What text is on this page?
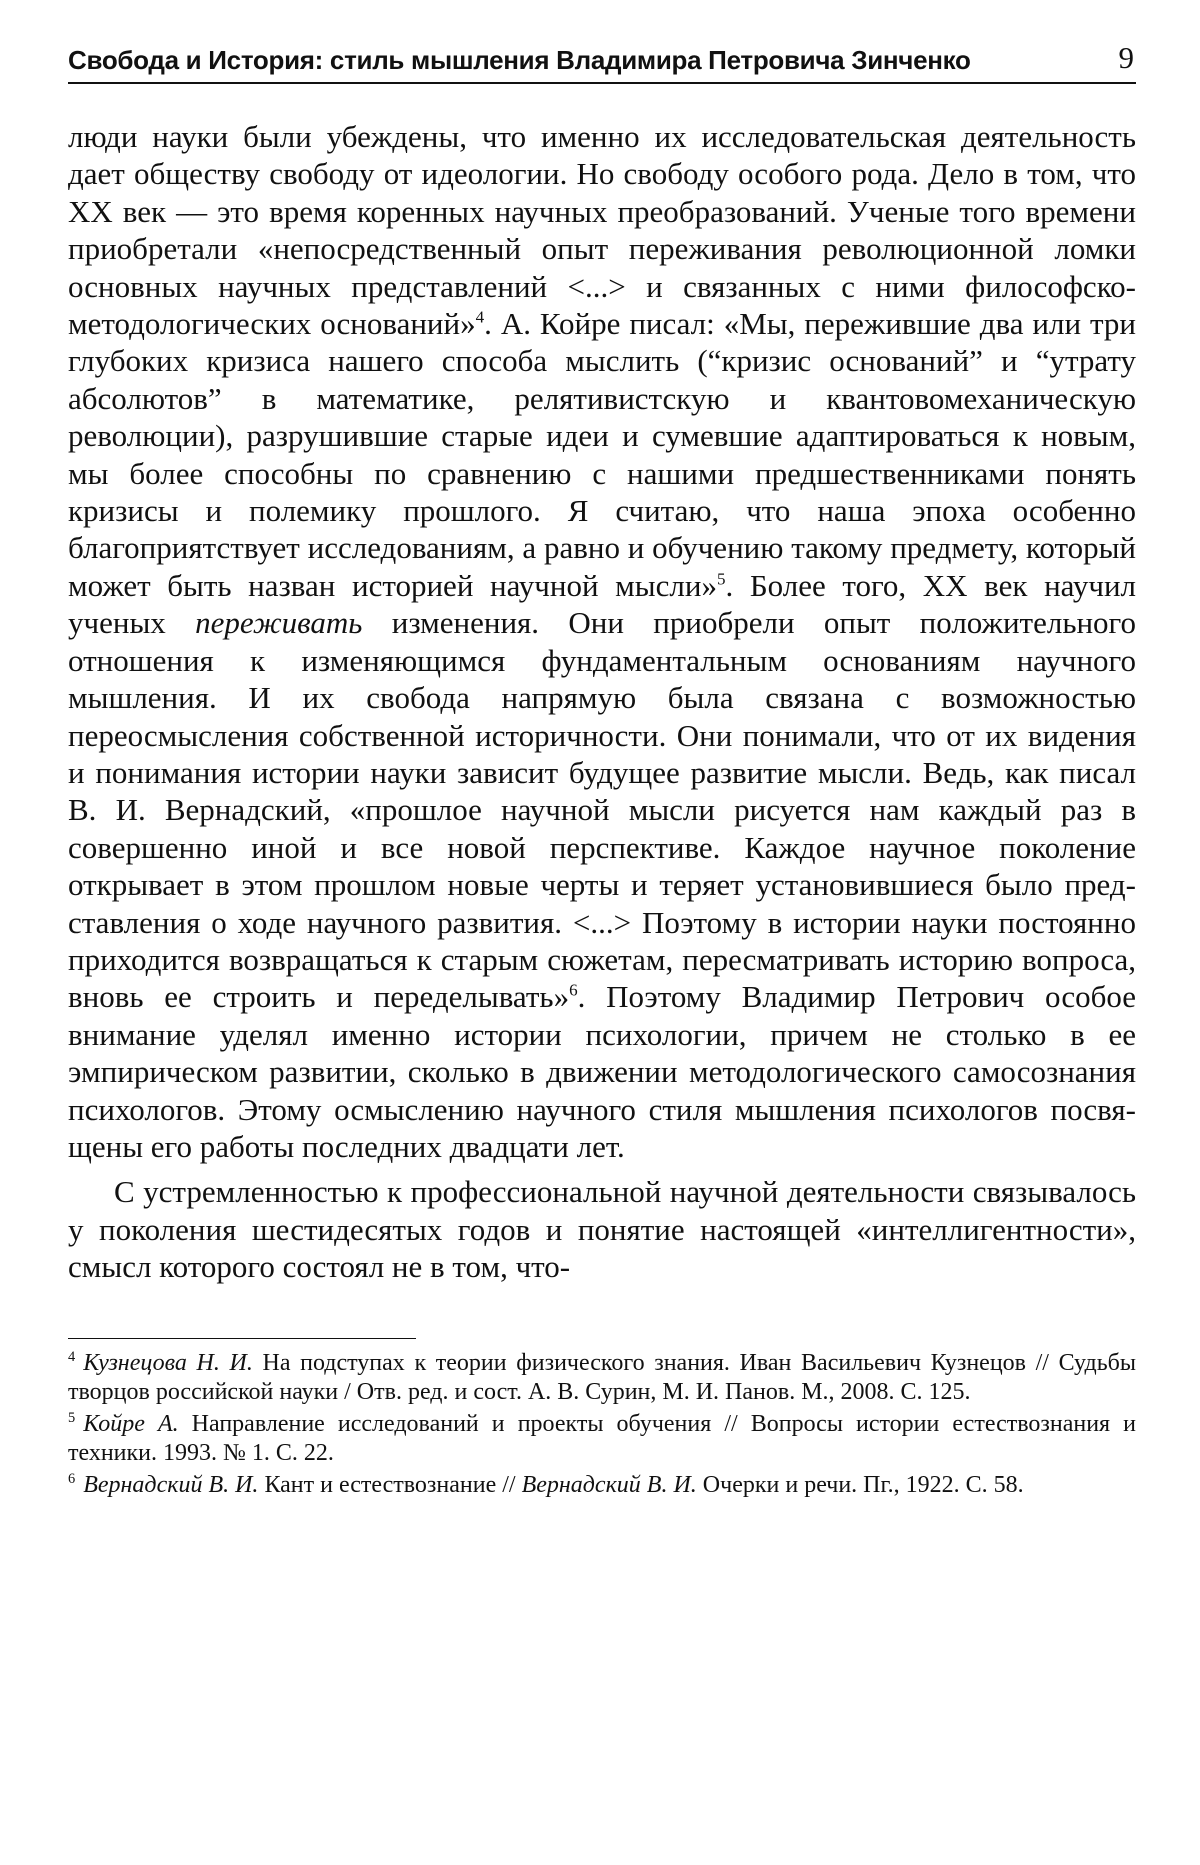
Свобода и История: стиль мышления Владимира Петровича Зинченко	9

люди науки были убеждены, что именно их исследовательская деятельность дает обществу свободу от идеологии. Но свободу особого рода. Дело в том, что XX век — это время коренных научных преобразований. Ученые того времени приобретали «непосредственный опыт переживания революционной ломки основных научных представлений <...> и связанных с ними философско-методологических оснований»$^4$. А. Койре писал: «Мы, пережившие два или три глубоких кризиса нашего способа мыслить (“кризис оснований” и “утрату абсолютов” в математике, релятивистскую и квантовомеханическую революции), разрушившие старые идеи и сумевшие адаптироваться к новым, мы более способны по сравнению с нашими предшественниками понять кризисы и полемику прошлого. Я считаю, что наша эпоха особенно благоприятствует исследованиям, а равно и обучению такому предмету, который может быть назван историей научной мысли»$^5$. Более того, XX век научил ученых переживать изменения. Они приобрели опыт положительного отношения к изменяющимся фундаментальным основаниям научного мышления. И их свобода напрямую была связана с возможностью переосмысления собственной историчности. Они понимали, что от их видения и понимания истории науки зависит будущее развитие мысли. Ведь, как писал В. И. Вернадский, «прошлое научной мысли рисуется нам каждый раз в совершенно иной и все новой перспективе. Каждое научное поколение открывает в этом прошлом новые черты и теряет установившиеся было представления о ходе научного развития. <...> Поэтому в истории науки постоянно приходится возвращаться к старым сюжетам, пересматривать историю вопроса, вновь ее строить и переделывать»$^6$. Поэтому Владимир Петрович особое внимание уделял именно истории психологии, причем не столько в ее эмпирическом развитии, сколько в движении методологического самосознания психологов. Этому осмыслению научного стиля мышления психологов посвящены его работы последних двадцати лет.

С устремленностью к профессиональной научной деятельности связывалось у поколения шестидесятых годов и понятие настоящей «интеллигентности», смысл которого состоял не в том, что-

$^4$ Кузнецова Н. И. На подступах к теории физического знания. Иван Васильевич Кузнецов // Судьбы творцов российской науки / Отв. ред. и сост. А. В. Сурин, М. И. Панов. М., 2008. С. 125.

$^5$ Койре А. Направление исследований и проекты обучения // Вопросы истории естествознания и техники. 1993. № 1. С. 22.

$^6$ Вернадский В. И. Кант и естествознание // Вернадский В. И. Очерки и речи. Пг., 1922. С. 58.
